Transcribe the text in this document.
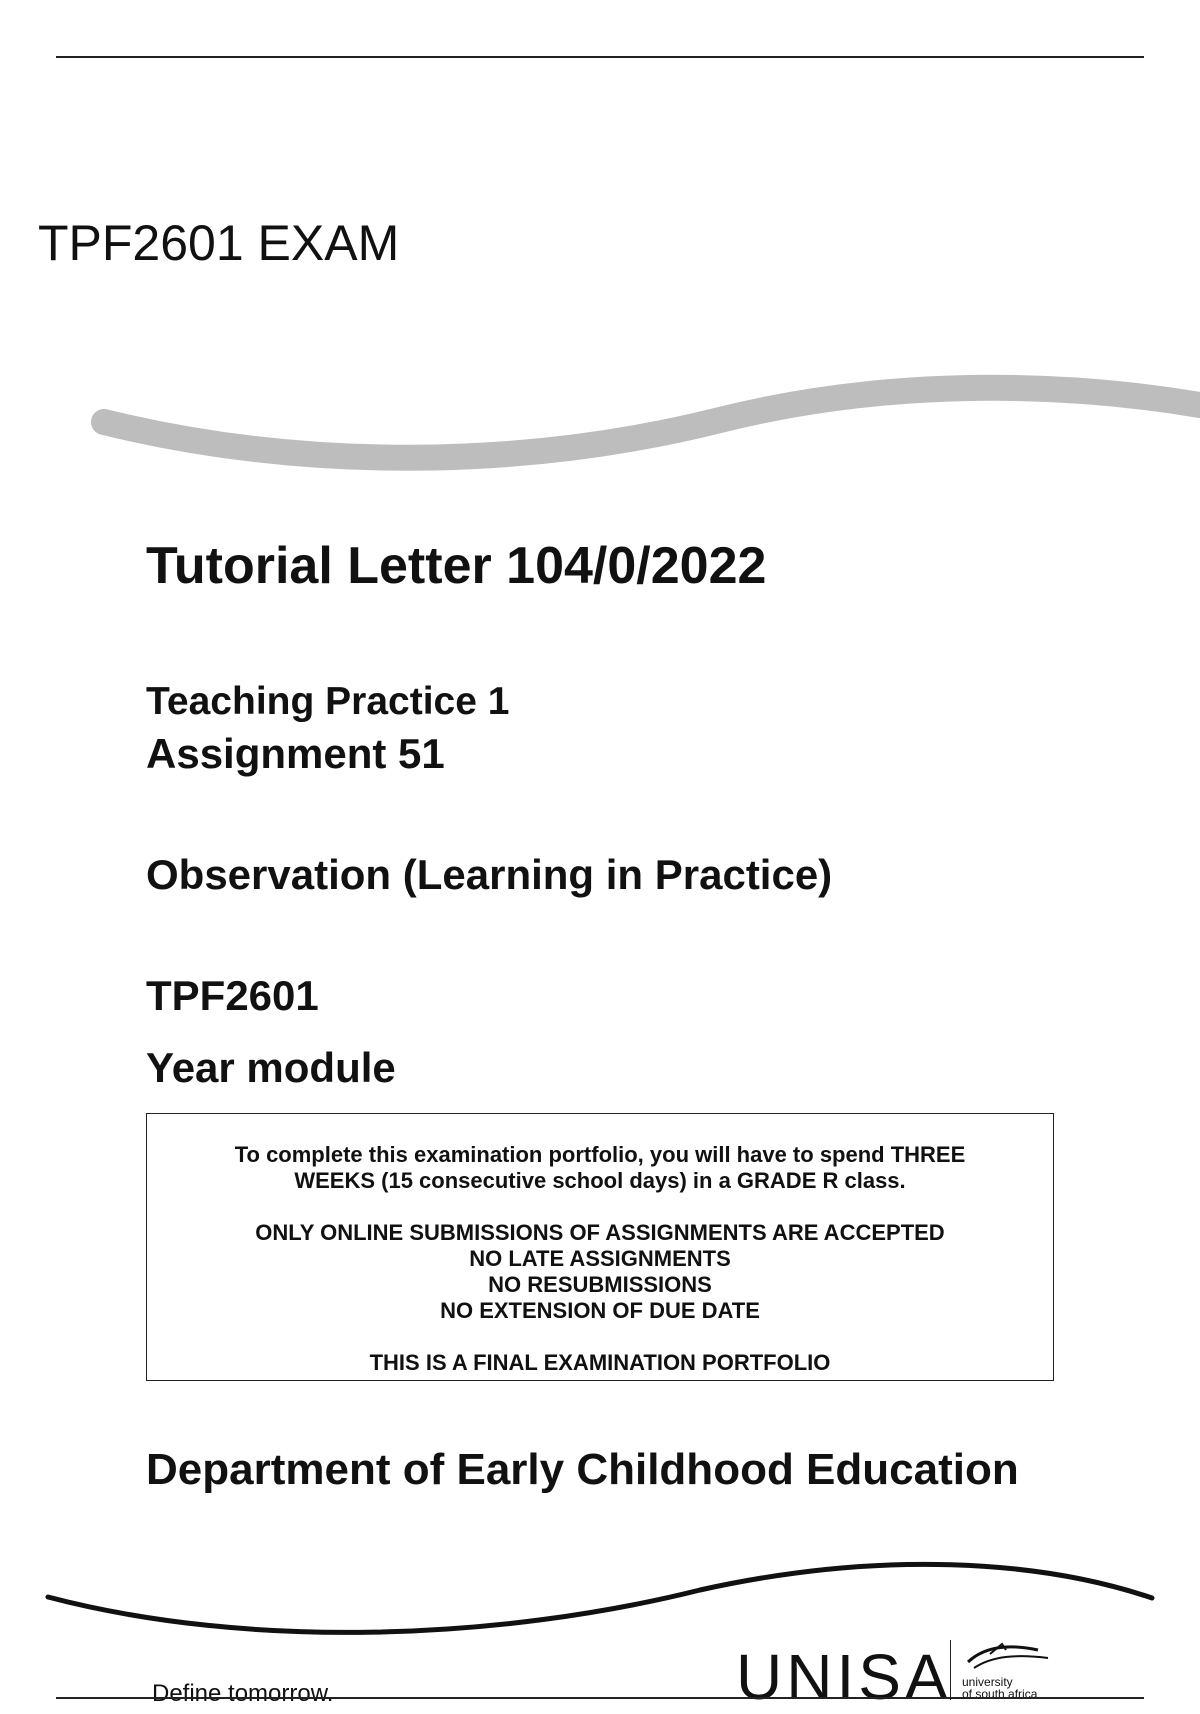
TPF2601 EXAM
Tutorial Letter 104/0/2022
Teaching Practice 1
Assignment 51
Observation (Learning in Practice)
TPF2601
Year module

To complete this examination portfolio, you will have to spend THREE

WEEKS (15 consecutive school days) in a GRADE R class.

ONLY ONLINE SUBMISSIONS OF ASSIGNMENTS ARE ACCEPTED

NO LATE ASSIGNMENTS

NO RESUBMISSIONS

NO EXTENSION OF DUE DATE

THIS IS A FINAL EXAMINATION PORTFOLIO

Department of Early Childhood Education
Define tomorrow.	UNISA university
of south africa
